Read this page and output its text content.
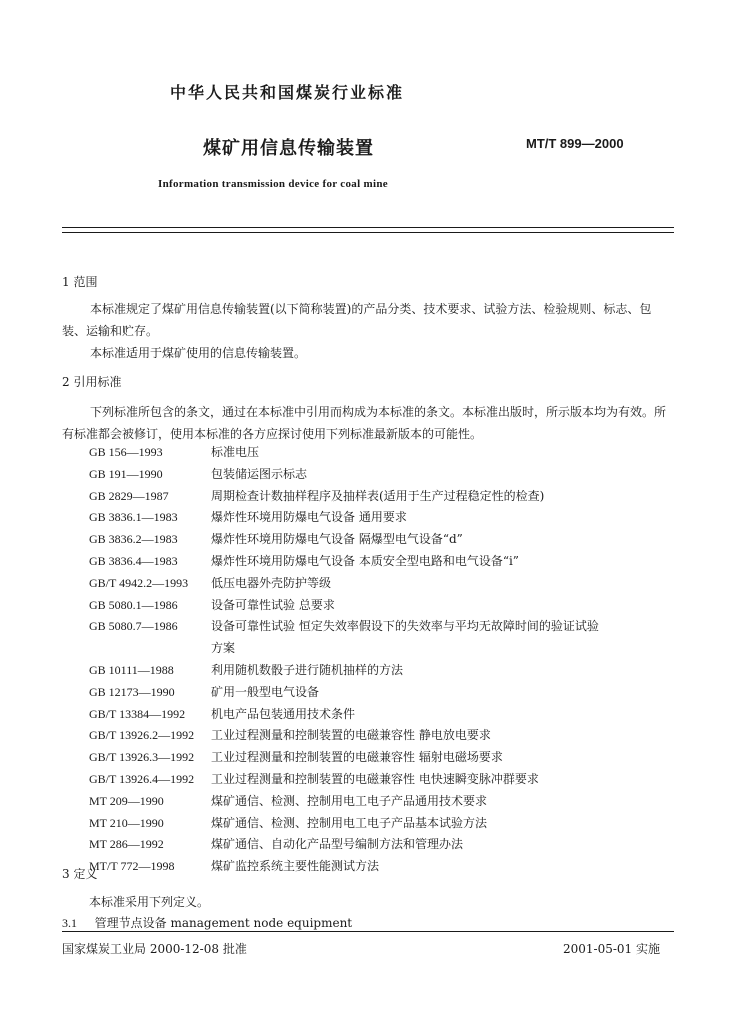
中华人民共和国煤炭行业标准
煤矿用信息传输装置	MT/T 899—2000
Information transmission device for coal mine
1 范围
本标准规定了煤矿用信息传输装置(以下简称装置)的产品分类、技术要求、试验方法、检验规则、标志、包装、运输和贮存。
本标准适用于煤矿使用的信息传输装置。
2 引用标准
下列标准所包含的条文，通过在本标准中引用而构成为本标准的条文。本标准出版时，所示版本均为有效。所有标准都会被修订，使用本标准的各方应探讨使用下列标准最新版本的可能性。
GB 156—1993	标准电压
GB 191—1990	包装储运图示标志
GB 2829—1987	周期检查计数抽样程序及抽样表(适用于生产过程稳定性的检查)
GB 3836.1—1983	爆炸性环境用防爆电气设备 通用要求
GB 3836.2—1983	爆炸性环境用防爆电气设备 隔爆型电气设备“d”
GB 3836.4—1983	爆炸性环境用防爆电气设备 本质安全型电路和电气设备“i”
GB/T 4942.2—1993 低压电器外壳防护等级
GB 5080.1—1986	设备可靠性试验 总要求
GB 5080.7—1986	设备可靠性试验 恒定失效率假设下的失效率与平均无故障时间的验证试验
方案
GB 10111—1988	利用随机数骰子进行随机抽样的方法
GB 12173—1990	矿用一般型电气设备
GB/T 13384—1992 机电产品包装通用技术条件
GB/T 13926.2—1992 工业过程测量和控制装置的电磁兼容性 静电放电要求
GB/T 13926.3—1992 工业过程测量和控制装置的电磁兼容性 辐射电磁场要求
GB/T 13926.4—1992 工业过程测量和控制装置的电磁兼容性 电快速瞬变脉冲群要求
MT 209—1990	煤矿通信、检测、控制用电工电子产品通用技术要求
MT 210—1990	煤矿通信、检测、控制用电工电子产品基本试验方法
MT 286—1992	煤矿通信、自动化产品型号编制方法和管理办法
MT/T 772—1998	煤矿监控系统主要性能测试方法
3 定义
本标准采用下列定义。
3.1 管理节点设备 management node equipment
国家煤炭工业局 2000-12-08 批准	2001-05-01 实施
